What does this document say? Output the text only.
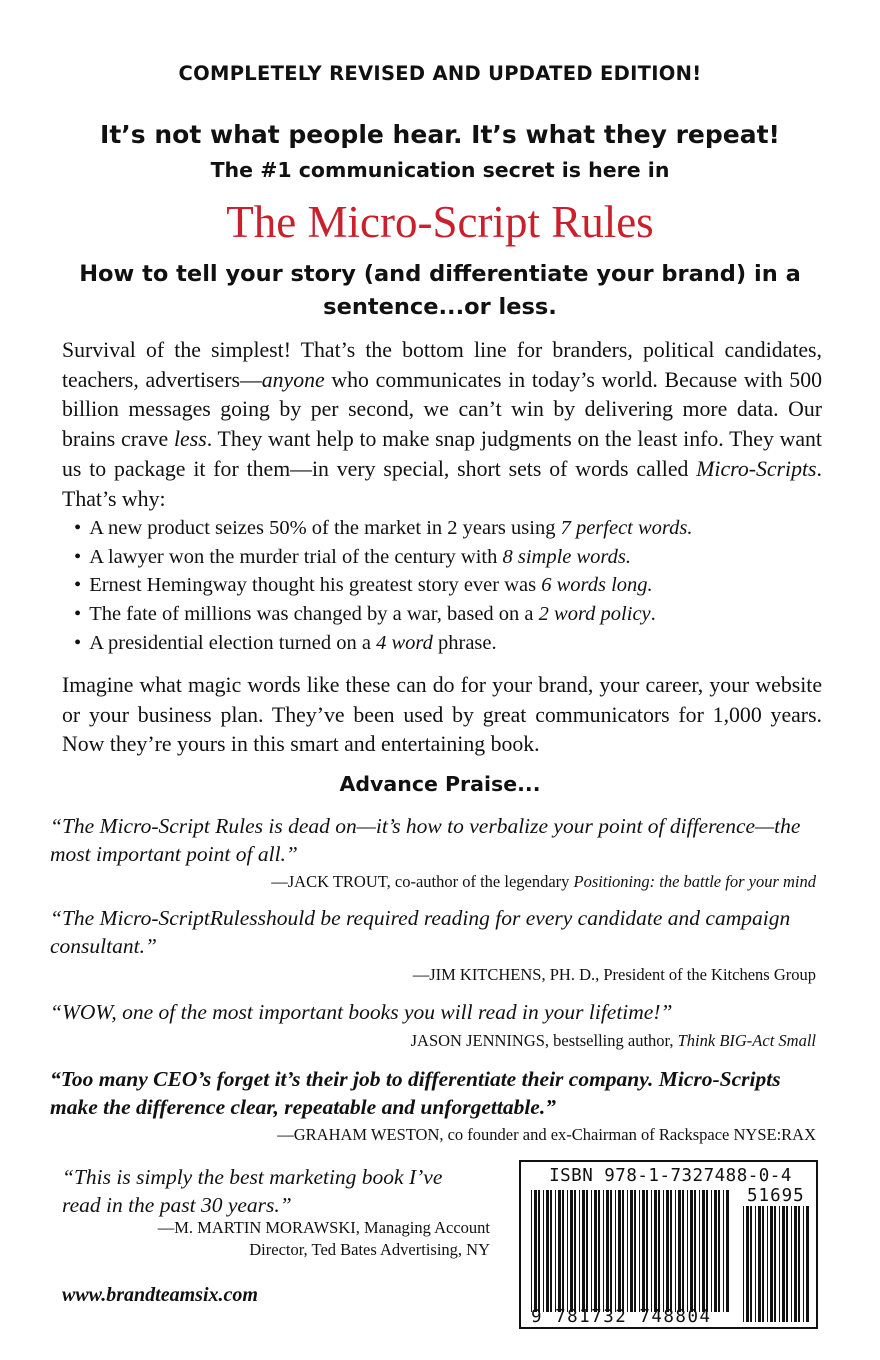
COMPLETELY REVISED AND UPDATED EDITION!
It’s not what people hear. It’s what they repeat!
The #1 communication secret is here in
The Micro-Script Rules
How to tell your story (and differentiate your brand) in a sentence...or less.

Survival of the simplest! That’s the bottom line for branders, political candidates, teachers, advertisers—anyone who communicates in today’s world. Because with 500 billion messages going by per second, we can’t win by delivering more data. Our brains crave less. They want help to make snap judgments on the least info. They want us to package it for them—in very special, short sets of words called Micro-Scripts. That’s why:

• A new product seizes 50% of the market in 2 years using 7 perfect words.
• A lawyer won the murder trial of the century with 8 simple words.
• Ernest Hemingway thought his greatest story ever was 6 words long.
• The fate of millions was changed by a war, based on a 2 word policy.
• A presidential election turned on a 4 word phrase.
Imagine what magic words like these can do for your brand, your career, your website or your business plan. They’ve been used by great communicators for 1,000 years. Now they’re yours in this smart and entertaining book.
Advance Praise...
“The Micro-Script Rules is dead on—it’s how to verbalize your point of difference—the most important point of all.”
—JACK TROUT, co-author of the legendary Positioning: the battle for your mind
“The Micro-ScriptRulesshould be required reading for every candidate and campaign consultant.”
—JIM KITCHENS, PH. D., President of the Kitchens Group
“WOW, one of the most important books you will read in your lifetime!”
JASON JENNINGS, bestselling author, Think BIG-Act Small
“Too many CEO’s forget it’s their job to differentiate their company. Micro-Scripts make the difference clear, repeatable and unforgettable.”
—GRAHAM WESTON, co founder and ex-Chairman of Rackspace NYSE:RAX
“This is simply the best marketing book I’ve read in the past 30 years.”
—M. MARTIN MORAWSKI, Managing Account Director, Ted Bates Advertising, NY
www.brandteamsix.com
ISBN 978-1-7327488-0-4
51695
9 781732 748804
